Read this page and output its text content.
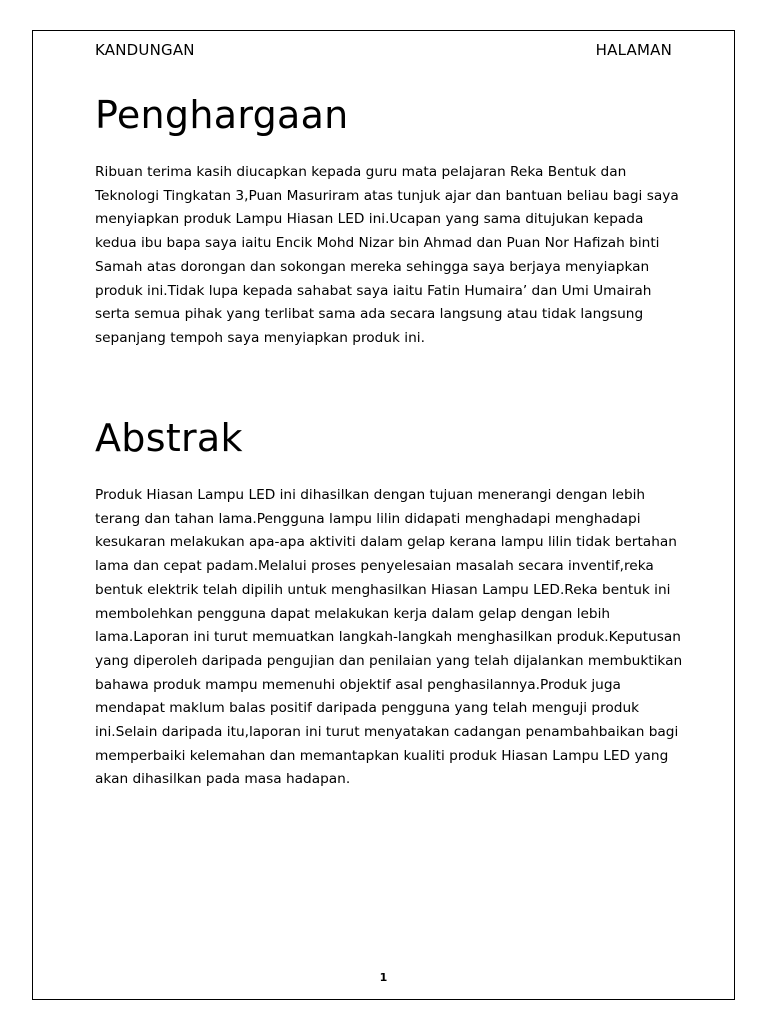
KANDUNGAN	HALAMAN
Penghargaan

Ribuan terima kasih diucapkan kepada guru mata pelajaran Reka Bentuk dan Teknologi Tingkatan 3,Puan Masuriram atas tunjuk ajar dan bantuan beliau bagi saya menyiapkan produk Lampu Hiasan LED ini.Ucapan yang sama ditujukan kepada kedua ibu bapa saya iaitu Encik Mohd Nizar bin Ahmad dan Puan Nor Hafizah binti Samah atas dorongan dan sokongan mereka sehingga saya berjaya menyiapkan produk ini.Tidak lupa kepada sahabat saya iaitu Fatin Humaira’ dan Umi Umairah serta semua pihak yang terlibat sama ada secara langsung atau tidak langsung sepanjang tempoh saya menyiapkan produk ini.

Abstrak

Produk Hiasan Lampu LED ini dihasilkan dengan tujuan menerangi dengan lebih terang dan tahan lama.Pengguna lampu lilin didapati menghadapi menghadapi kesukaran melakukan apa-apa aktiviti dalam gelap kerana lampu lilin tidak bertahan lama dan cepat padam.Melalui proses penyelesaian masalah secara inventif,reka bentuk elektrik telah dipilih untuk menghasilkan Hiasan Lampu LED.Reka bentuk ini membolehkan pengguna dapat melakukan kerja dalam gelap dengan lebih lama.Laporan ini turut memuatkan langkah-langkah menghasilkan produk.Keputusan yang diperoleh daripada pengujian dan penilaian yang telah dijalankan membuktikan bahawa produk mampu memenuhi objektif asal penghasilannya.Produk juga mendapat maklum balas positif daripada pengguna yang telah menguji produk ini.Selain daripada itu,laporan ini turut menyatakan cadangan penambahbaikan bagi memperbaiki kelemahan dan memantapkan kualiti produk Hiasan Lampu LED yang akan dihasilkan pada masa hadapan.

1
